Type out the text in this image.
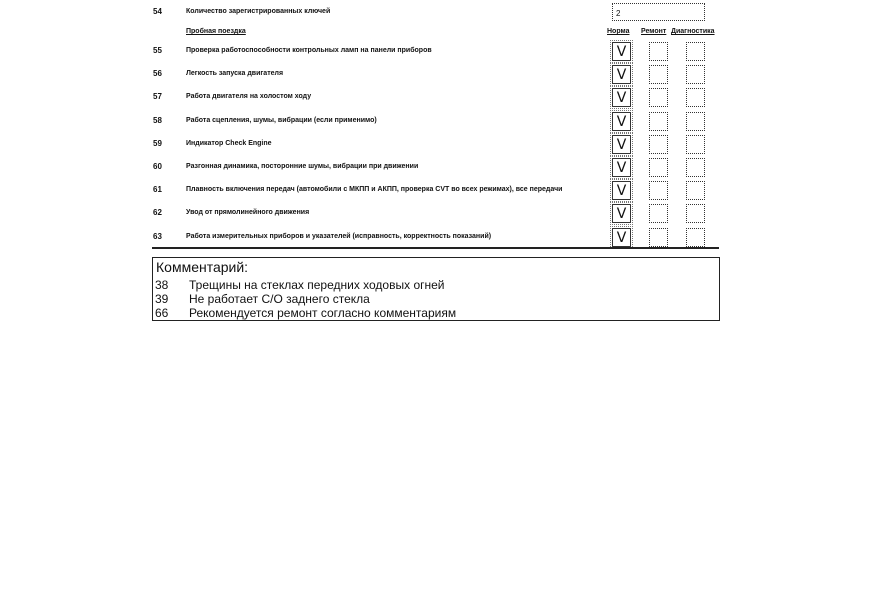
54	Количество зарегистрированных ключей	2
Пробная поездка	Норма Ремонт Диагностика
55	Проверка работоспособности контрольных ламп на панели приборов	V
56	Легкость запуска двигателя	V
57	Работа двигателя на холостом ходу	V
58	Работа сцепления, шумы, вибрации (если применимо)	V
59	Индикатор Check Engine	V
60	Разгонная динамика, посторонние шумы, вибрации при движении	V
61	Плавность включения передач (автомобили с МКПП и АКПП, проверка CVT во всех режимах), все передачи	V
62	Увод от прямолинейного движения	V
63	Работа измерительных приборов и указателей (исправность, корректность показаний)	V
Комментарий:
38 Трещины на стеклах передних ходовых огней
39 Не работает С/О заднего стекла
66 Рекомендуется ремонт согласно комментариям
